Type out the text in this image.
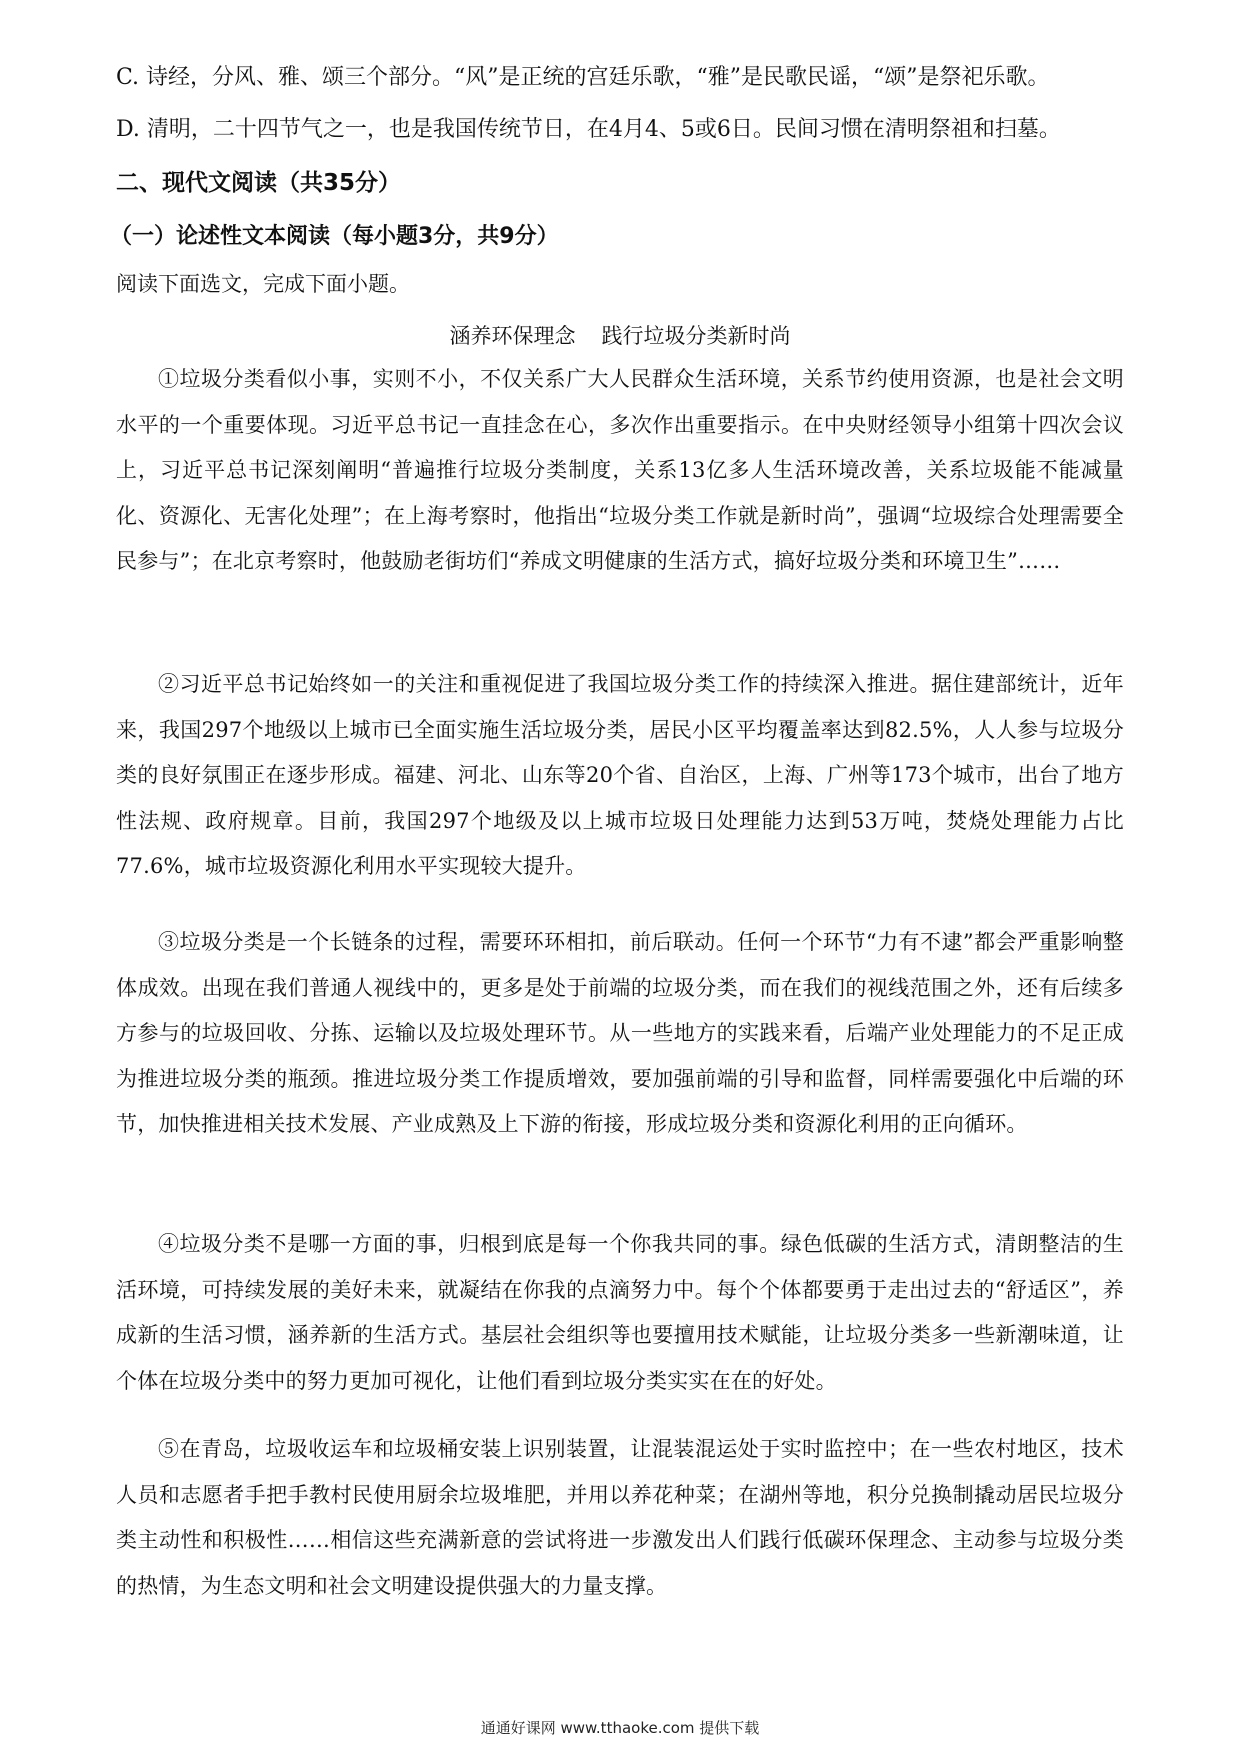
C. 诗经，分风、雅、颂三个部分。“风”是正统的宫廷乐歌，“雅”是民歌民谣，“颂”是祭祀乐歌。
D. 清明，二十四节气之一，也是我国传统节日，在4月4、5或6日。民间习惯在清明祭祖和扫墓。
二、现代文阅读（共35分）
（一）论述性文本阅读（每小题3分，共9分）
阅读下面选文，完成下面小题。
涵养环保理念 践行垃圾分类新时尚

①垃圾分类看似小事，实则不小，不仅关系广大人民群众生活环境，关系节约使用资源，也是社会文明水平的一个重要体现。习近平总书记一直挂念在心，多次作出重要指示。在中央财经领导小组第十四次会议上，习近平总书记深刻阐明“普遍推行垃圾分类制度，关系13亿多人生活环境改善，关系垃圾能不能减量化、资源化、无害化处理”；在上海考察时，他指出“垃圾分类工作就是新时尚”，强调“垃圾综合处理需要全民参与”；在北京考察时，他鼓励老街坊们“养成文明健康的生活方式，搞好垃圾分类和环境卫生”……

②习近平总书记始终如一的关注和重视促进了我国垃圾分类工作的持续深入推进。据住建部统计，近年来，我国297个地级以上城市已全面实施生活垃圾分类，居民小区平均覆盖率达到82.5%，人人参与垃圾分类的良好氛围正在逐步形成。福建、河北、山东等20个省、自治区，上海、广州等173个城市，出台了地方性法规、政府规章。目前，我国297个地级及以上城市垃圾日处理能力达到53万吨，焚烧处理能力占比77.6%，城市垃圾资源化利用水平实现较大提升。

③垃圾分类是一个长链条的过程，需要环环相扣，前后联动。任何一个环节“力有不逮”都会严重影响整体成效。出现在我们普通人视线中的，更多是处于前端的垃圾分类，而在我们的视线范围之外，还有后续多方参与的垃圾回收、分拣、运输以及垃圾处理环节。从一些地方的实践来看，后端产业处理能力的不足正成为推进垃圾分类的瓶颈。推进垃圾分类工作提质增效，要加强前端的引导和监督，同样需要强化中后端的环节，加快推进相关技术发展、产业成熟及上下游的衔接，形成垃圾分类和资源化利用的正向循环。

④垃圾分类不是哪一方面的事，归根到底是每一个你我共同的事。绿色低碳的生活方式，清朗整洁的生活环境，可持续发展的美好未来，就凝结在你我的点滴努力中。每个个体都要勇于走出过去的“舒适区”，养成新的生活习惯，涵养新的生活方式。基层社会组织等也要擅用技术赋能，让垃圾分类多一些新潮味道，让个体在垃圾分类中的努力更加可视化，让他们看到垃圾分类实实在在的好处。

⑤在青岛，垃圾收运车和垃圾桶安装上识别装置，让混装混运处于实时监控中；在一些农村地区，技术人员和志愿者手把手教村民使用厨余垃圾堆肥，并用以养花种菜；在湖州等地，积分兑换制撬动居民垃圾分类主动性和积极性……相信这些充满新意的尝试将进一步激发出人们践行低碳环保理念、主动参与垃圾分类的热情，为生态文明和社会文明建设提供强大的力量支撑。

通通好课网 www.tthaoke.com 提供下载
